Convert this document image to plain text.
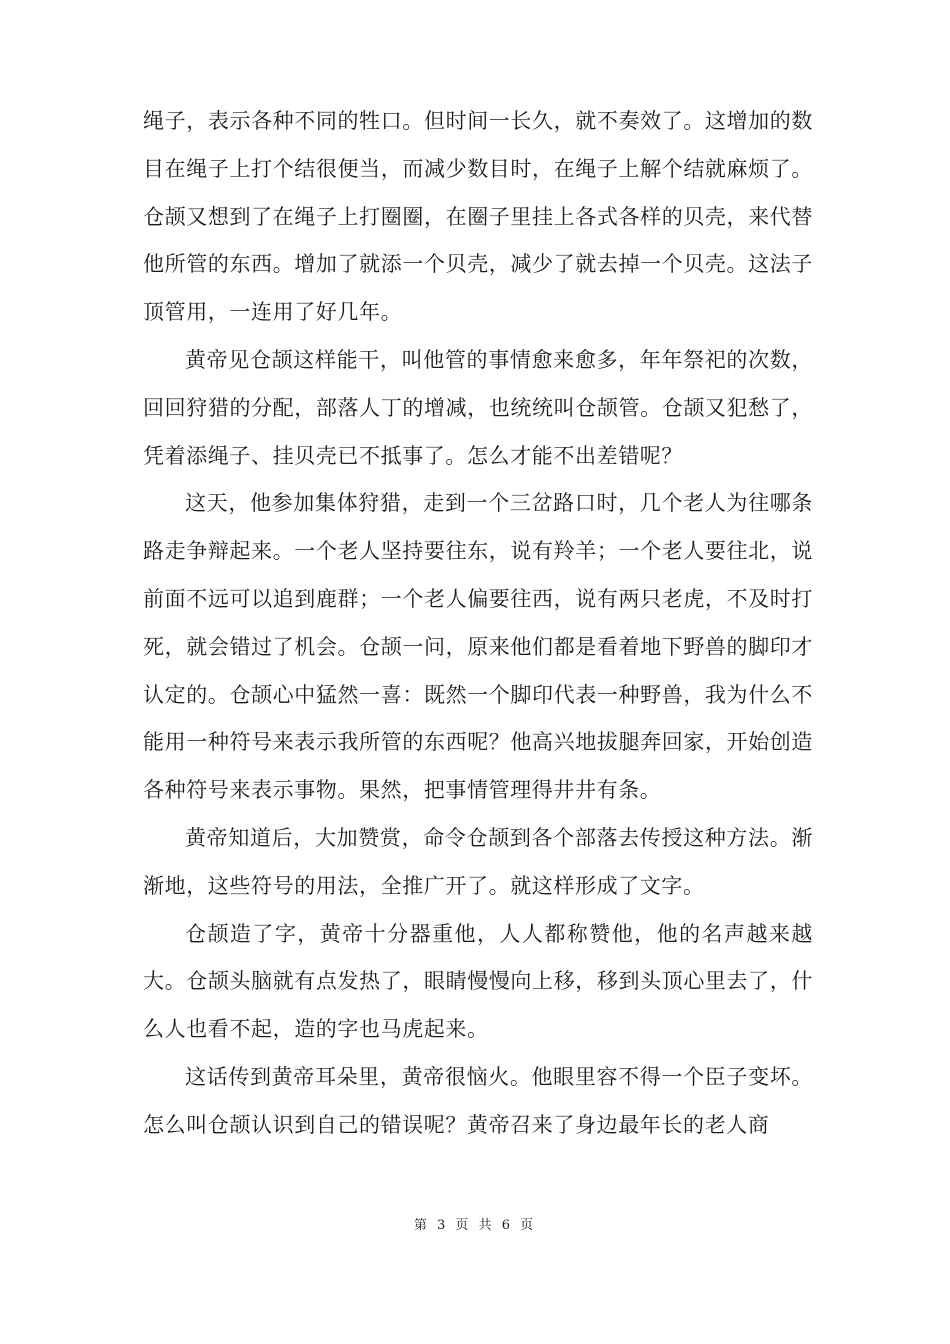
绳子，表示各种不同的牲口。但时间一长久，就不奏效了。这增加的数目在绳子上打个结很便当，而减少数目时，在绳子上解个结就麻烦了。仓颉又想到了在绳子上打圈圈，在圈子里挂上各式各样的贝壳，来代替他所管的东西。增加了就添一个贝壳，减少了就去掉一个贝壳。这法子顶管用，一连用了好几年。

黄帝见仓颉这样能干，叫他管的事情愈来愈多，年年祭祀的次数，回回狩猎的分配，部落人丁的增减，也统统叫仓颉管。仓颉又犯愁了，凭着添绳子、挂贝壳已不抵事了。怎么才能不出差错呢？

这天，他参加集体狩猎，走到一个三岔路口时，几个老人为往哪条路走争辩起来。一个老人坚持要往东，说有羚羊；一个老人要往北，说前面不远可以追到鹿群；一个老人偏要往西，说有两只老虎，不及时打死，就会错过了机会。仓颉一问，原来他们都是看着地下野兽的脚印才认定的。仓颉心中猛然一喜：既然一个脚印代表一种野兽，我为什么不能用一种符号来表示我所管的东西呢？他高兴地拔腿奔回家，开始创造各种符号来表示事物。果然，把事情管理得井井有条。

黄帝知道后，大加赞赏，命令仓颉到各个部落去传授这种方法。渐渐地，这些符号的用法，全推广开了。就这样形成了文字。

仓颉造了字，黄帝十分器重他，人人都称赞他，他的名声越来越大。仓颉头脑就有点发热了，眼睛慢慢向上移，移到头顶心里去了，什么人也看不起，造的字也马虎起来。

这话传到黄帝耳朵里，黄帝很恼火。他眼里容不得一个臣子变坏。怎么叫仓颉认识到自己的错误呢？黄帝召来了身边最年长的老人商

第 3 页 共 6 页
